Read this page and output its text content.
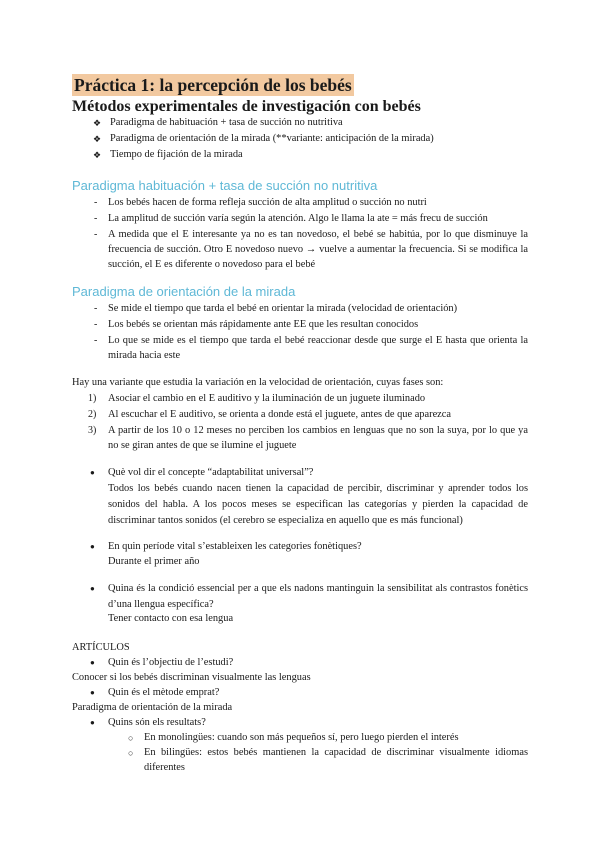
Práctica 1: la percepción de los bebés
Métodos experimentales de investigación con bebés
❖ Paradigma de habituación + tasa de succión no nutritiva
❖ Paradigma de orientación de la mirada (**variante: anticipación de la mirada)
❖ Tiempo de fijación de la mirada
Paradigma habituación + tasa de succión no nutritiva
- Los bebés hacen de forma refleja succión de alta amplitud o succión no nutri
- La amplitud de succión varía según la atención. Algo le llama la ate = más frecu de succión
- A medida que el E interesante ya no es tan novedoso, el bebé se habitúa, por lo que disminuye la frecuencia de succión. Otro E novedoso nuevo → vuelve a aumentar la frecuencia. Si se modifica la succión, el E es diferente o novedoso para el bebé
Paradigma de orientación de la mirada
- Se mide el tiempo que tarda el bebé en orientar la mirada (velocidad de orientación)
- Los bebés se orientan más rápidamente ante EE que les resultan conocidos
- Lo que se mide es el tiempo que tarda el bebé reaccionar desde que surge el E hasta que orienta la mirada hacia este
Hay una variante que estudia la variación en la velocidad de orientación, cuyas fases son:
1) Asociar el cambio en el E auditivo y la iluminación de un juguete iluminado
2) Al escuchar el E auditivo, se orienta a donde está el juguete, antes de que aparezca
3) A partir de los 10 o 12 meses no perciben los cambios en lenguas que no son la suya, por lo que ya no se giran antes de que se ilumine el juguete
● Què vol dir el concepte “adaptabilitat universal”?
Todos los bebés cuando nacen tienen la capacidad de percibir, discriminar y aprender todos los sonidos del habla. A los pocos meses se especifican las categorías y pierden la capacidad de discriminar tantos sonidos (el cerebro se especializa en aquello que es más funcional)
● En quin període vital s’estableixen les categories fonètiques?
Durante el primer año
● Quina és la condició essencial per a que els nadons mantinguin la sensibilitat als contrastos fonètics d’una llengua específica?
Tener contacto con esa lengua
ARTÍCULOS
● Quin és l’objectiu de l’estudi?
Conocer si los bebés discriminan visualmente las lenguas
● Quin és el mètode emprat?
Paradigma de orientación de la mirada
● Quins són els resultats?
○ En monolingües: cuando son más pequeños sí, pero luego pierden el interés
○ En bilingües: estos bebés mantienen la capacidad de discriminar visualmente idiomas diferentes
